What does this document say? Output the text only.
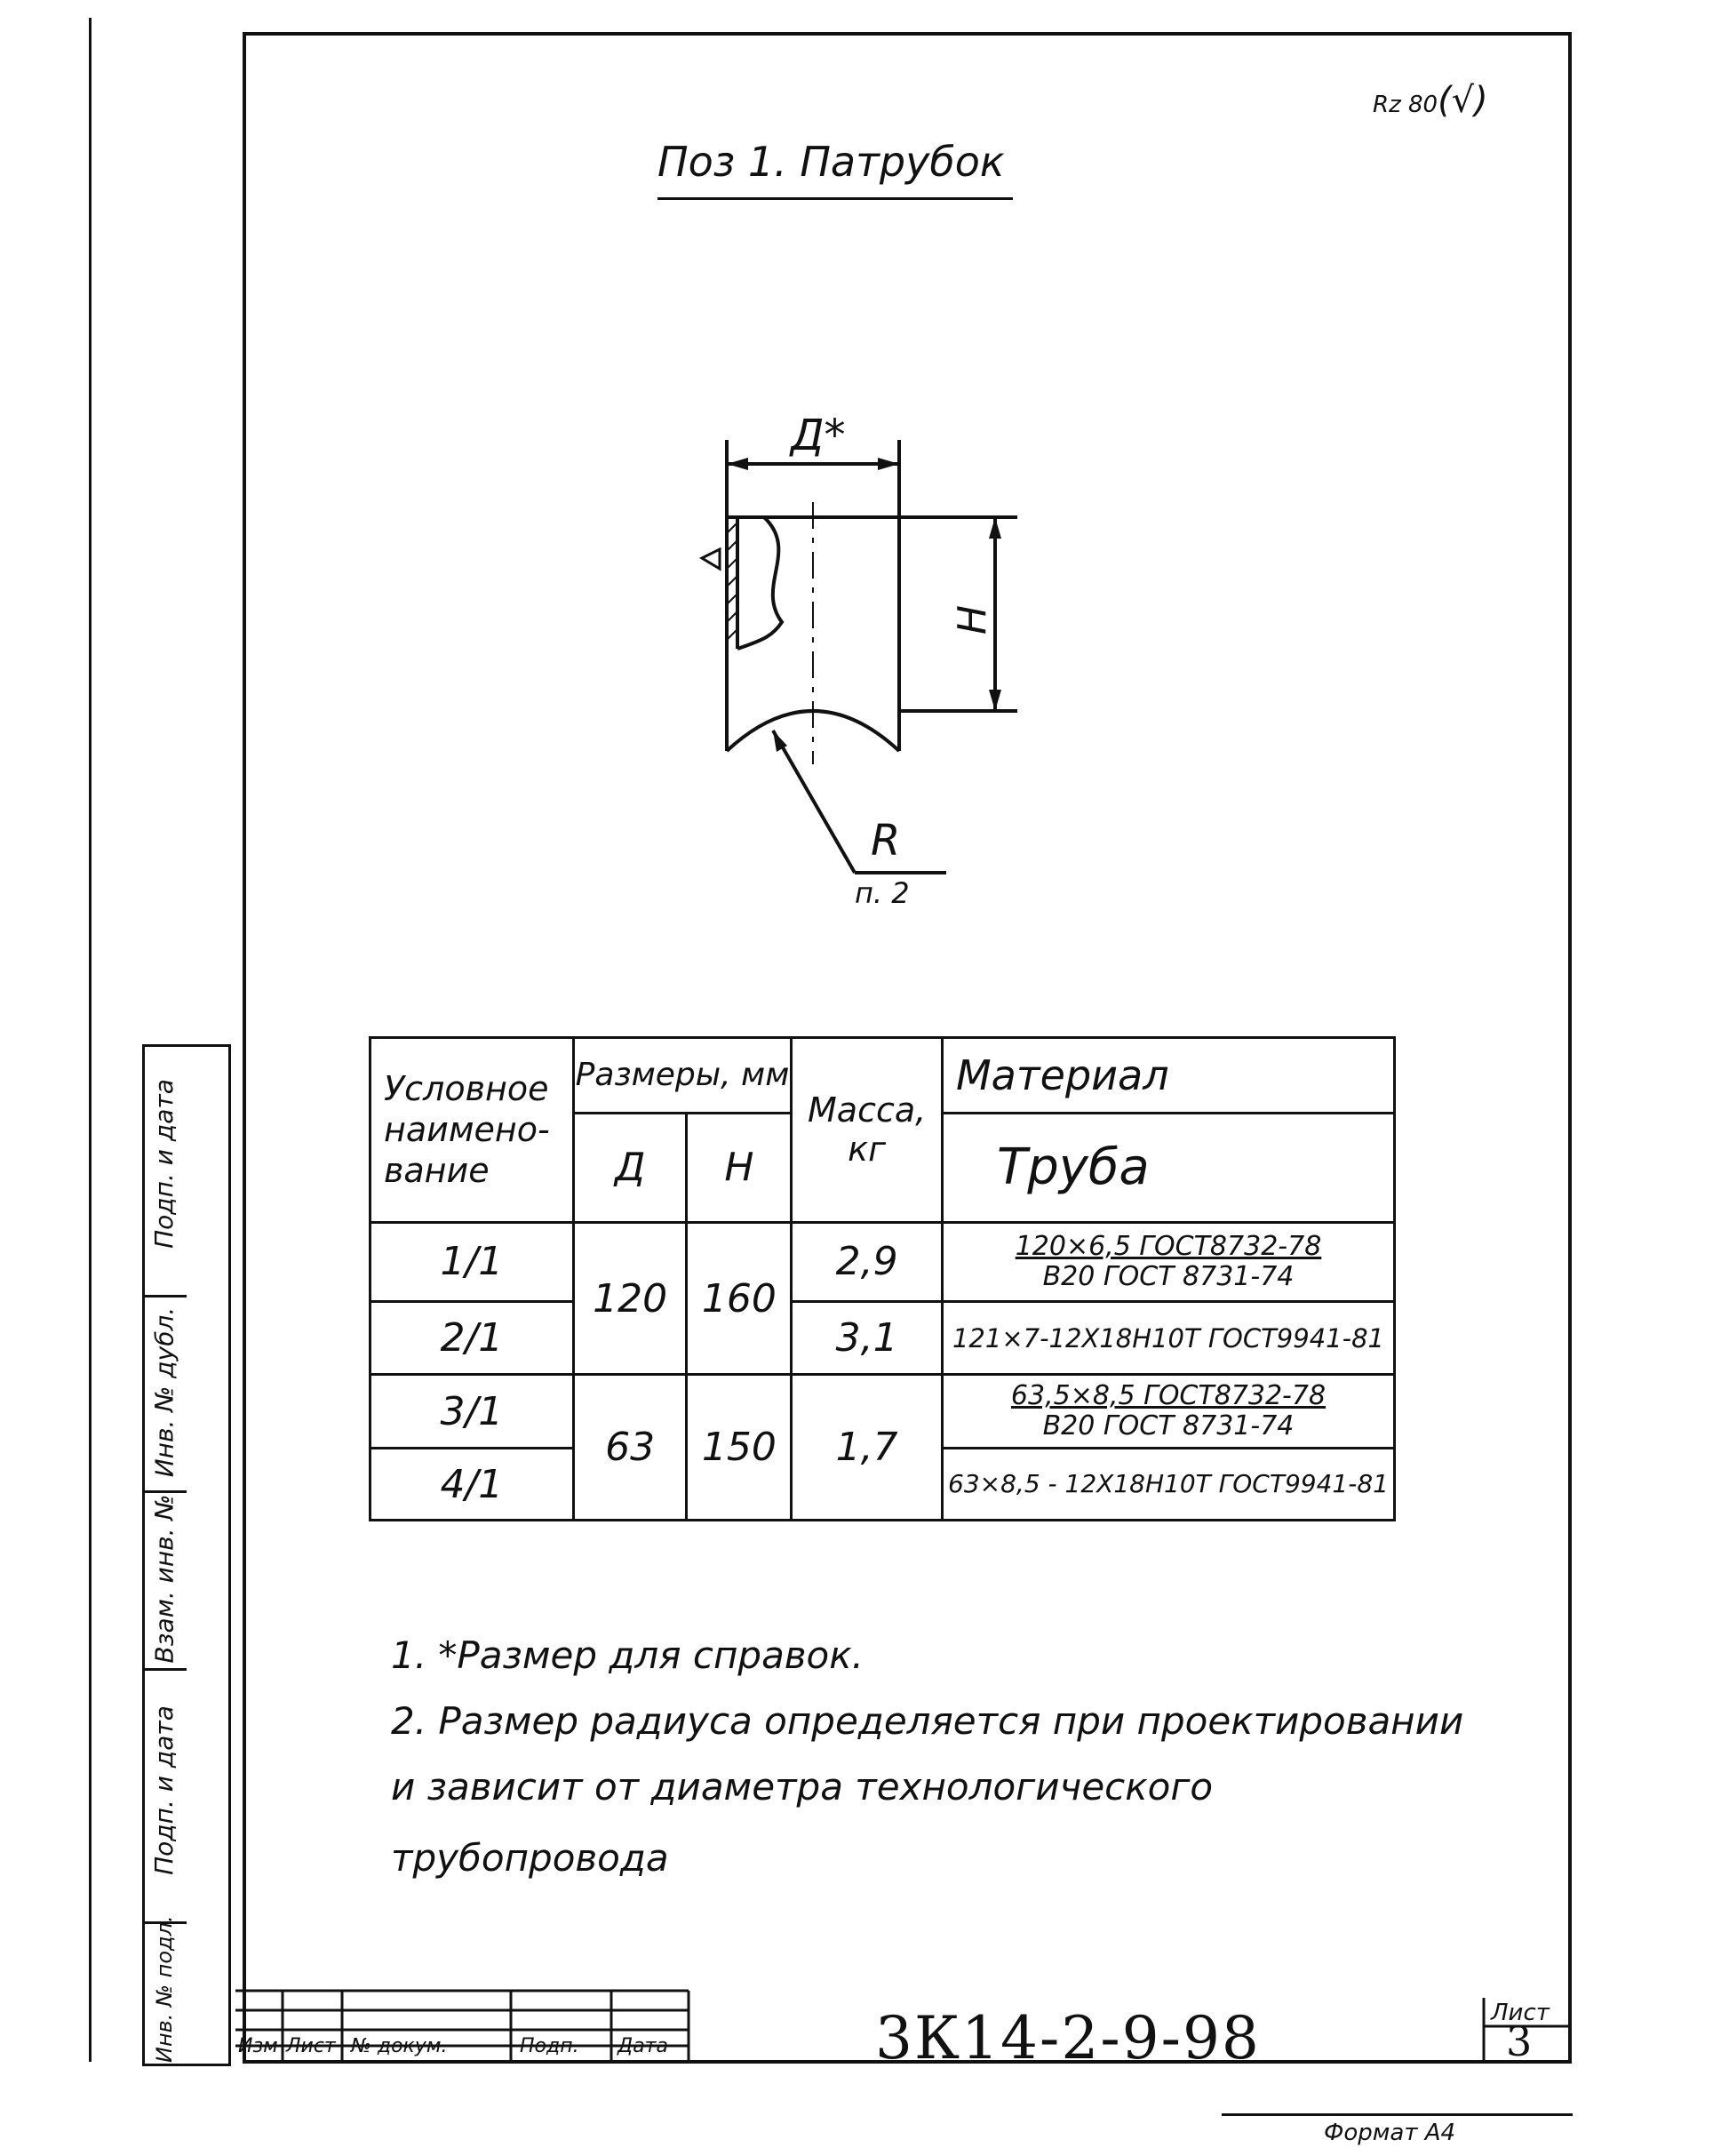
Поз 1. Патрубок
Rz 80(√)
Д*
Н
R
п. 2
Условное наимено-вание	Размеры, мм		Масса, кг	Материал
	Д	Н		Труба
1/1	120	160	2,9	120×6,5 ГОСТ8732-78
В20 ГОСТ 8731-74

2/1			3,1	121×7-12Х18Н10Т ГОСТ9941-81
3/1	63	150	1,7	63,5×8,5 ГОСТ8732-78
В20 ГОСТ 8731-74

4/1				63×8,5 - 12Х18Н10Т ГОСТ9941-81
1. *Размер для справок.
2. Размер радиуса определяется при проектировании
и зависит от диаметра технологического
трубопровода
Подп. и дата
Инв. № дубл.
Взам. инв. №
Подп. и дата
Инв. № подл.	Изм Лист № докум.	Подп. Дата	3К14-2-9-98	Лист
3
Формат А4
